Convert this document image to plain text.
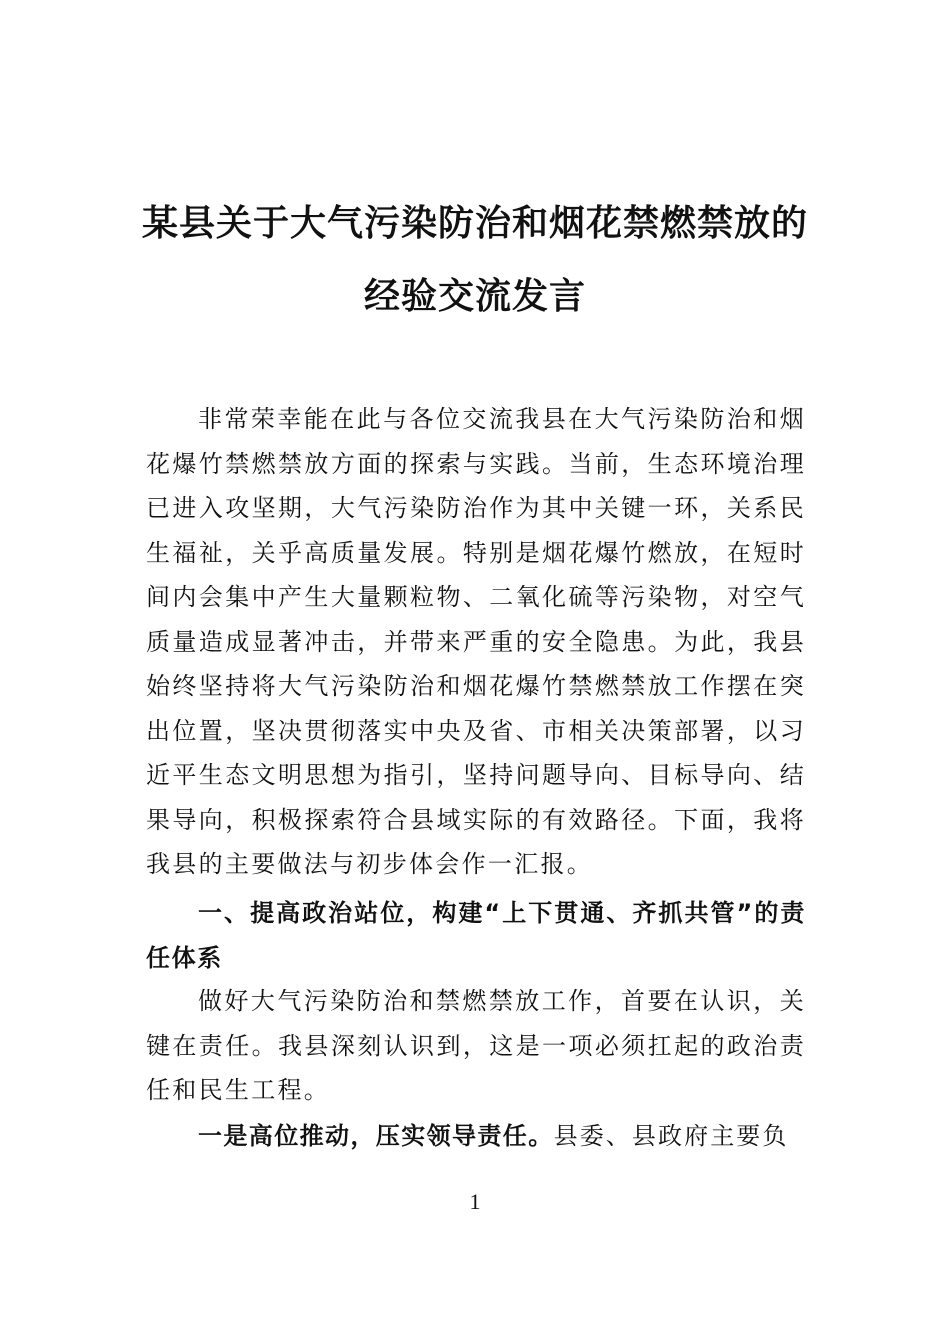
某县关于大气污染防治和烟花禁燃禁放的
经验交流发言

非常荣幸能在此与各位交流我县在大气污染防治和烟花爆竹禁燃禁放方面的探索与实践。当前，生态环境治理已进入攻坚期，大气污染防治作为其中关键一环，关系民生福祉，关乎高质量发展。特别是烟花爆竹燃放，在短时间内会集中产生大量颗粒物、二氧化硫等污染物，对空气质量造成显著冲击，并带来严重的安全隐患。为此，我县始终坚持将大气污染防治和烟花爆竹禁燃禁放工作摆在突出位置，坚决贯彻落实中央及省、市相关决策部署，以习近平生态文明思想为指引，坚持问题导向、目标导向、结果导向，积极探索符合县域实际的有效路径。下面，我将我县的主要做法与初步体会作一汇报。

一、提高政治站位，构建“上下贯通、齐抓共管”的责任体系

做好大气污染防治和禁燃禁放工作，首要在认识，关键在责任。我县深刻认识到，这是一项必须扛起的政治责任和民生工程。

一是高位推动，压实领导责任。县委、县政府主要负

1
